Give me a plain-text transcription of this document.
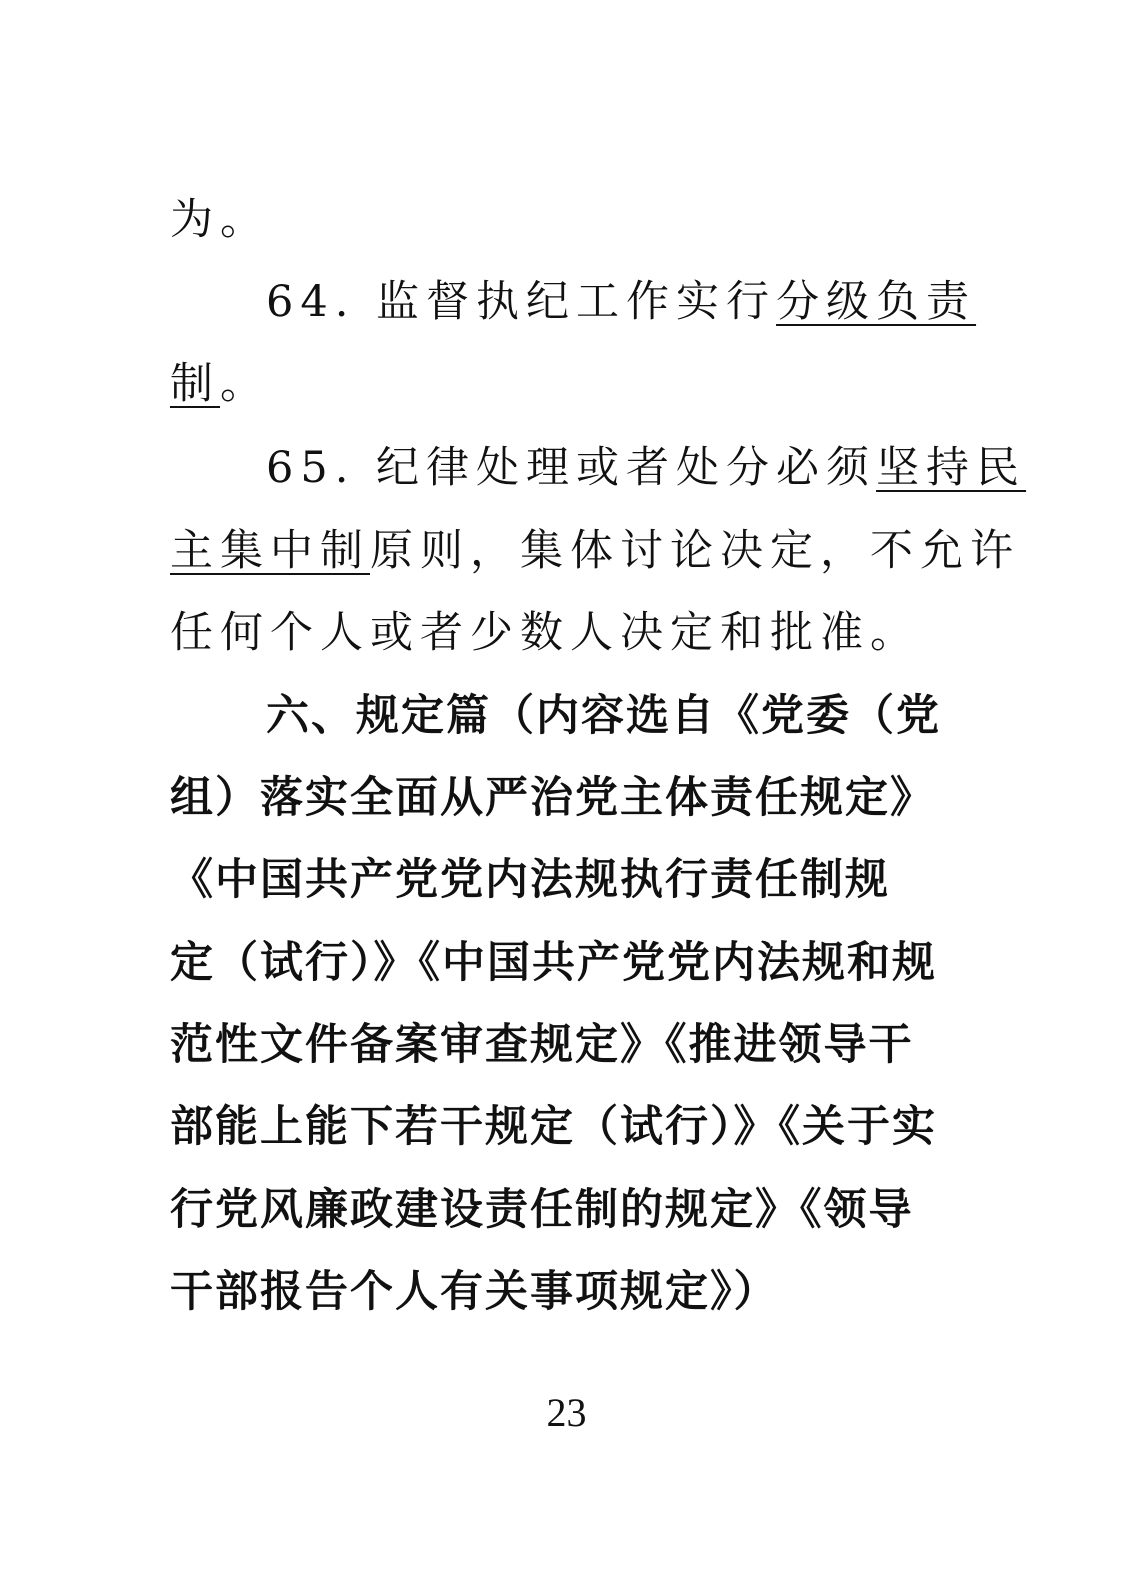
为。
64. 监督执纪工作实行分级负责
制。
65. 纪律处理或者处分必须坚持民
主集中制原则，集体讨论决定，不允许
任何个人或者少数人决定和批准。
六、规定篇（内容选自《党委（党
组）落实全面从严治党主体责任规定》
《中国共产党党内法规执行责任制规
定（试行）》《中国共产党党内法规和规
范性文件备案审查规定》《推进领导干
部能上能下若干规定（试行）》《关于实
行党风廉政建设责任制的规定》《领导
干部报告个人有关事项规定》）
23
